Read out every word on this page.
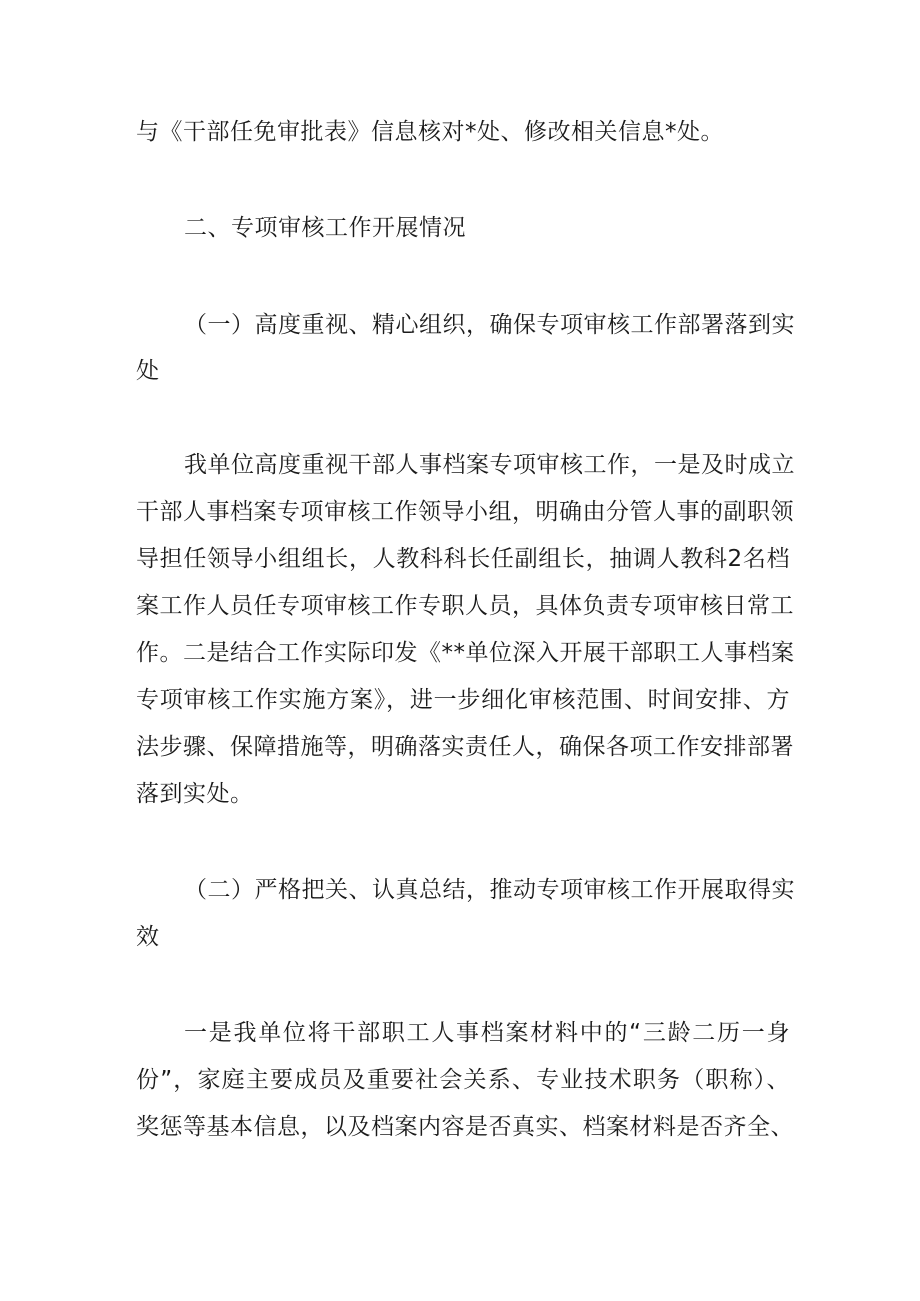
与《干部任免审批表》信息核对*处、修改相关信息*处。
二、专项审核工作开展情况
（一）高度重视、精心组织，确保专项审核工作部署落到实
处
我单位高度重视干部人事档案专项审核工作，一是及时成立
干部人事档案专项审核工作领导小组，明确由分管人事的副职领
导担任领导小组组长，人教科科长任副组长，抽调人教科2名档
案工作人员任专项审核工作专职人员，具体负责专项审核日常工
作。二是结合工作实际印发《**单位深入开展干部职工人事档案
专项审核工作实施方案》，进一步细化审核范围、时间安排、方
法步骤、保障措施等，明确落实责任人，确保各项工作安排部署
落到实处。
（二）严格把关、认真总结，推动专项审核工作开展取得实
效
一是我单位将干部职工人事档案材料中的“三龄二历一身
份”，家庭主要成员及重要社会关系、专业技术职务（职称）、
奖惩等基本信息，以及档案内容是否真实、档案材料是否齐全、
